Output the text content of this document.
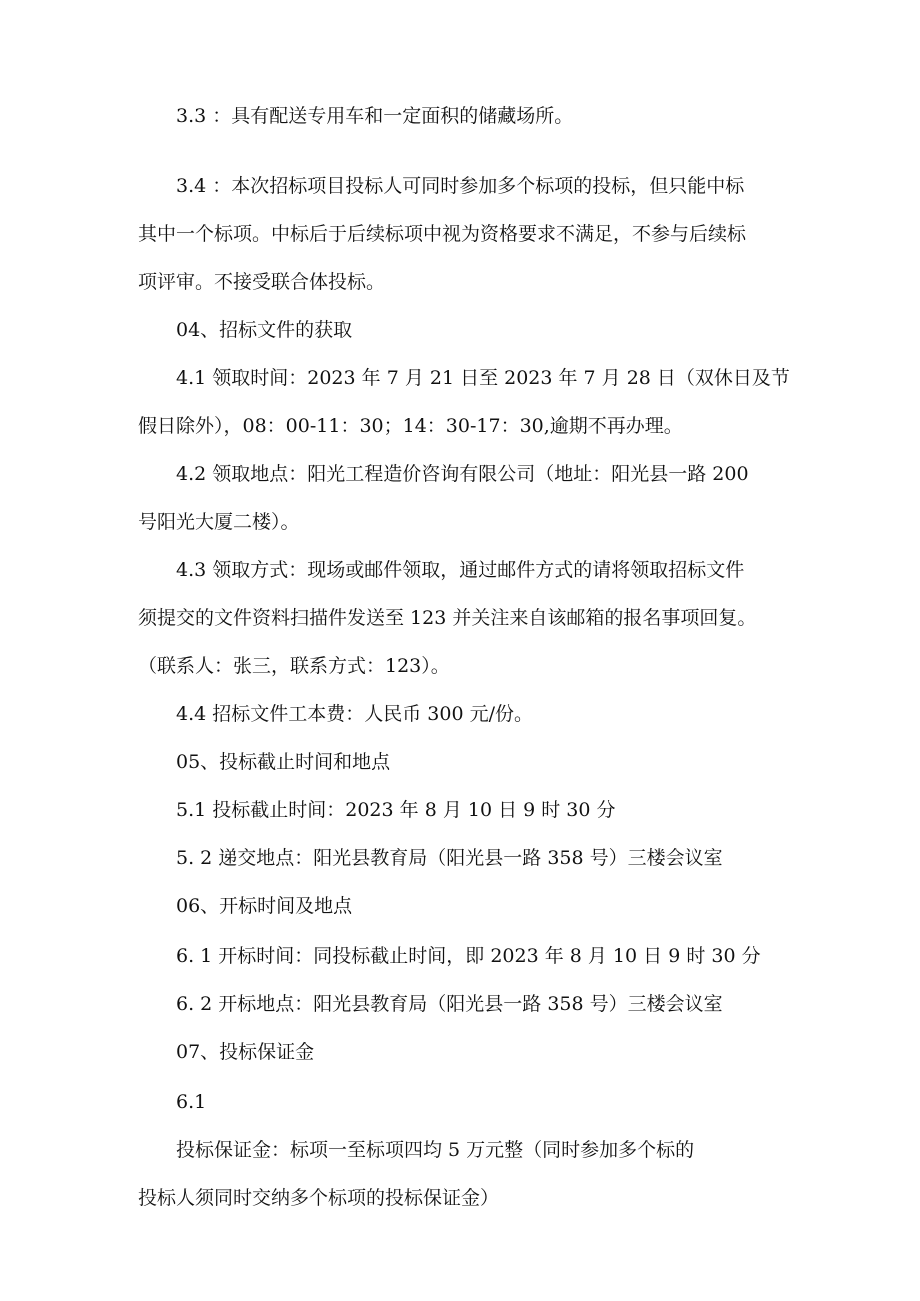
3.3 ：具有配送专用车和一定面积的储藏场所。

3.4 ：本次招标项目投标人可同时参加多个标项的投标，但只能中标
其中一个标项。中标后于后续标项中视为资格要求不满足，不参与后续标
项评审。不接受联合体投标。

04、招标文件的获取

4.1 领取时间：2023 年 7 月 21 日至 2023 年 7 月 28 日（双休日及节
假日除外），08：00-11：30；14：30-17：30,逾期不再办理。

4.2 领取地点：阳光工程造价咨询有限公司（地址：阳光县一路 200
号阳光大厦二楼）。

4.3 领取方式：现场或邮件领取，通过邮件方式的请将领取招标文件
须提交的文件资料扫描件发送至 123 并关注来自该邮箱的报名事项回复。
（联系人：张三，联系方式：123）。

4.4 招标文件工本费：人民币 300 元/份。

05、投标截止时间和地点

5.1 投标截止时间：2023 年 8 月 10 日 9 时 30 分

5. 2 递交地点：阳光县教育局（阳光县一路 358 号）三楼会议室

06、开标时间及地点

6. 1 开标时间：同投标截止时间，即 2023 年 8 月 10 日 9 时 30 分

6. 2 开标地点：阳光县教育局（阳光县一路 358 号）三楼会议室

07、投标保证金

6.1
投标保证金：标项一至标项四均 5 万元整（同时参加多个标的
投标人须同时交纳多个标项的投标保证金）
